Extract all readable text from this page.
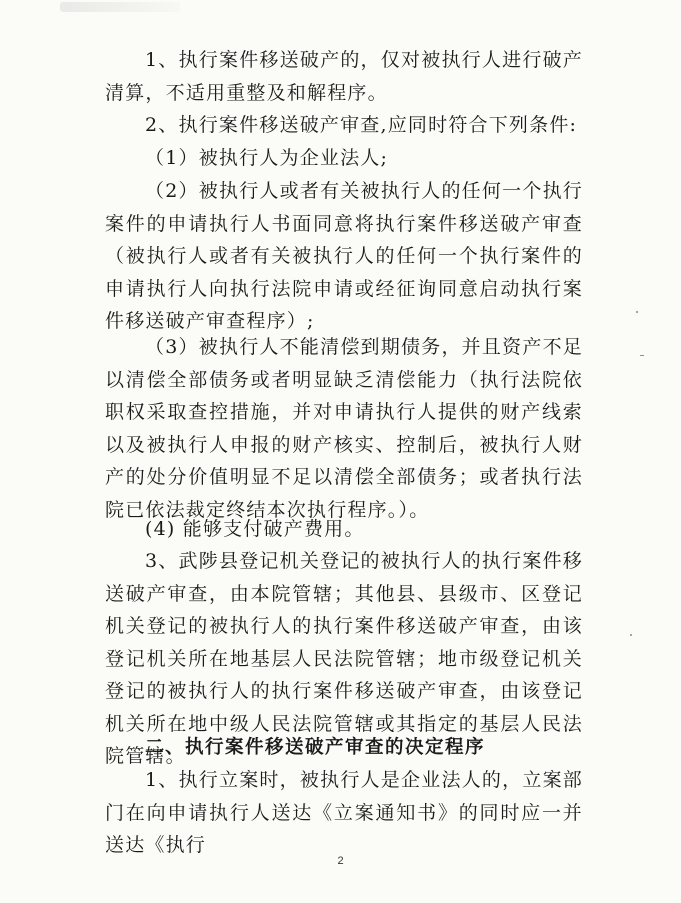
1、执行案件移送破产的，仅对被执行人进行破产清算，不适用重整及和解程序。

2、执行案件移送破产审查,应同时符合下列条件:

（1）被执行人为企业法人;

（2）被执行人或者有关被执行人的任何一个执行案件的申请执行人书面同意将执行案件移送破产审查（被执行人或者有关被执行人的任何一个执行案件的申请执行人向执行法院申请或经征询同意启动执行案件移送破产审查程序）;

（3）被执行人不能清偿到期债务，并且资产不足以清偿全部债务或者明显缺乏清偿能力（执行法院依职权采取查控措施，并对申请执行人提供的财产线索以及被执行人申报的财产核实、控制后，被执行人财产的处分价值明显不足以清偿全部债务；或者执行法院已依法裁定终结本次执行程序。）。

(4) 能够支付破产费用。

3、武陟县登记机关登记的被执行人的执行案件移送破产审查，由本院管辖；其他县、县级市、区登记机关登记的被执行人的执行案件移送破产审查，由该登记机关所在地基层人民法院管辖；地市级登记机关登记的被执行人的执行案件移送破产审查，由该登记机关所在地中级人民法院管辖或其指定的基层人民法院管辖。

二、执行案件移送破产审查的决定程序

1、执行立案时，被执行人是企业法人的，立案部门在向申请执行人送达《立案通知书》的同时应一并送达《执行

2
